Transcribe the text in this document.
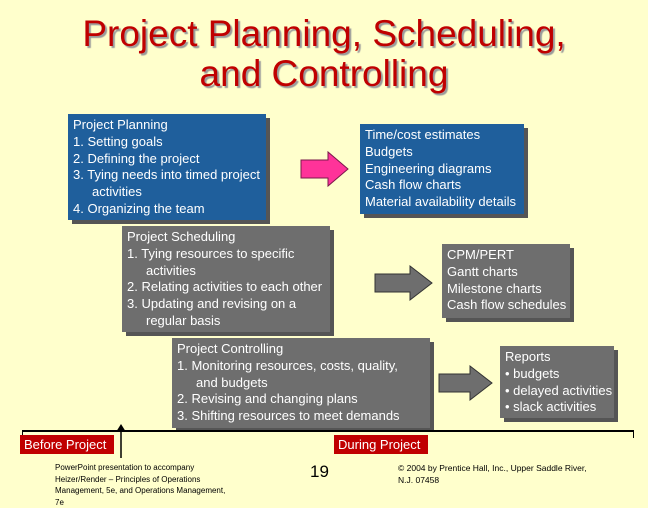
Project Planning, Scheduling,
and Controlling
Project Planning
1. Setting goals
2. Defining the project
3. Tying needs into timed project
activities
4. Organizing the team
Time/cost estimates
Budgets
Engineering diagrams
Cash flow charts
Material availability details
Project Scheduling
1. Tying resources to specific
activities
2. Relating activities to each other
3. Updating and revising on a
regular basis
CPM/PERT
Gantt charts
Milestone charts
Cash flow schedules
Project Controlling
1. Monitoring resources, costs, quality,
and budgets
2. Revising and changing plans
3. Shifting resources to meet demands
Reports
• budgets
• delayed activities
• slack activities
Before Project	During Project
PowerPoint presentation to accompany
Heizer/Render – Principles of Operations
Management, 5e, and Operations Management,
7e
19	© 2004 by Prentice Hall, Inc., Upper Saddle River,
N.J. 07458
